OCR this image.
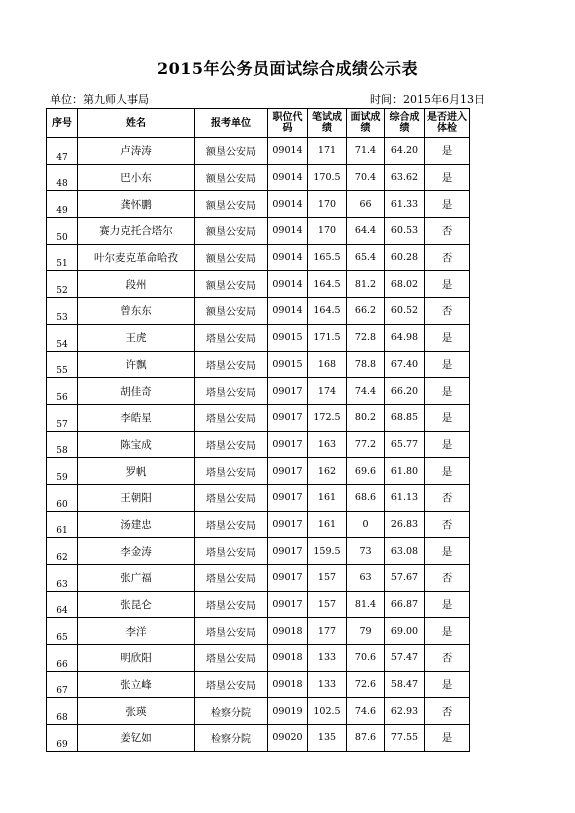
2015年公务员面试综合成绩公示表
单位：第九师人事局	时间：2015年6月13日
序号	姓名	报考单位	职位代码	笔试成绩	面试成绩	综合成绩	是否进入体检
47	卢涛涛	额垦公安局	09014	171	71.4	64.20	是
48	巴小东	额垦公安局	09014	170.5	70.4	63.62	是
49	龚怀鹏	额垦公安局	09014	170	66	61.33	是
50	赛力克托合塔尔	额垦公安局	09014	170	64.4	60.53	否
51	叶尔麦克革命哈孜	额垦公安局	09014	165.5	65.4	60.28	否
52	段州	额垦公安局	09014	164.5	81.2	68.02	是
53	曾东东	额垦公安局	09014	164.5	66.2	60.52	否
54	王虎	塔垦公安局	09015	171.5	72.8	64.98	是
55	许飘	塔垦公安局	09015	168	78.8	67.40	是
56	胡佳奇	塔垦公安局	09017	174	74.4	66.20	是
57	李皓星	塔垦公安局	09017	172.5	80.2	68.85	是
58	陈宝成	塔垦公安局	09017	163	77.2	65.77	是
59	罗帆	塔垦公安局	09017	162	69.6	61.80	是
60	王朝阳	塔垦公安局	09017	161	68.6	61.13	否
61	汤建忠	塔垦公安局	09017	161	0	26.83	否
62	李金涛	塔垦公安局	09017	159.5	73	63.08	是
63	张广福	塔垦公安局	09017	157	63	57.67	否
64	张昆仑	塔垦公安局	09017	157	81.4	66.87	是
65	李洋	塔垦公安局	09018	177	79	69.00	是
66	明欣阳	塔垦公安局	09018	133	70.6	57.47	否
67	张立峰	塔垦公安局	09018	133	72.6	58.47	是
68	张瑛	检察分院	09019	102.5	74.6	62.93	否
69	姜钇如	检察分院	09020	135	87.6	77.55	是
